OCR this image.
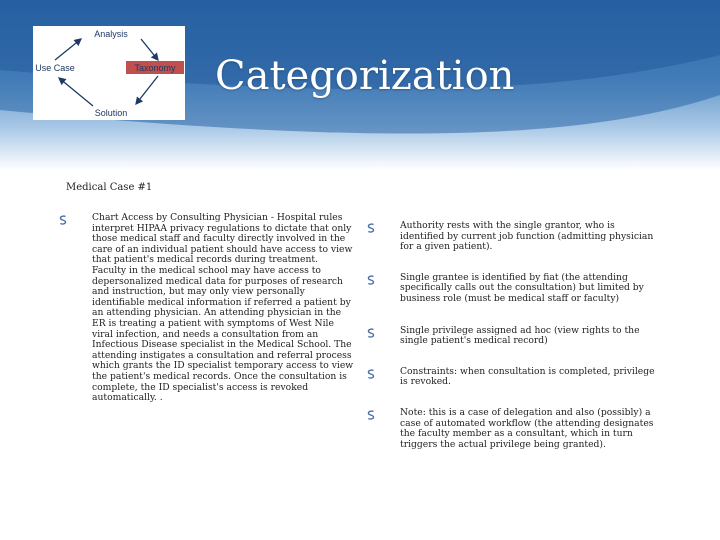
Analysis
Use Case	Taxonomy
Solution
Categorization
Medical Case #1
Chart Access by Consulting Physician - Hospital rules interpret HIPAA privacy regulations to dictate that only those medical staff and faculty directly involved in the care of an individual patient should have access to view that patient's medical records during treatment. Faculty in the medical school may have access to depersonalized medical data for purposes of research and instruction, but may only view personally identifiable medical information if referred a patient by an attending physician. An attending physician in the ER is treating a patient with symptoms of West Nile viral infection, and needs a consultation from an Infectious Disease specialist in the Medical School. The attending instigates a consultation and referral process which grants the ID specialist temporary access to view the patient's medical records. Once the consultation is complete, the ID specialist's access is revoked automatically. .
Authority rests with the single grantor, who is identified by current job function (admitting physician for a given patient).
Single grantee is identified by fiat (the attending specifically calls out the consultation) but limited by business role (must be medical staff or faculty)
Single privilege assigned ad hoc (view rights to the single patient's medical record)
Constraints: when consultation is completed, privilege is revoked.
Note: this is a case of delegation and also (possibly) a case of automated workflow (the attending designates the faculty member as a consultant, which in turn triggers the actual privilege being granted).
